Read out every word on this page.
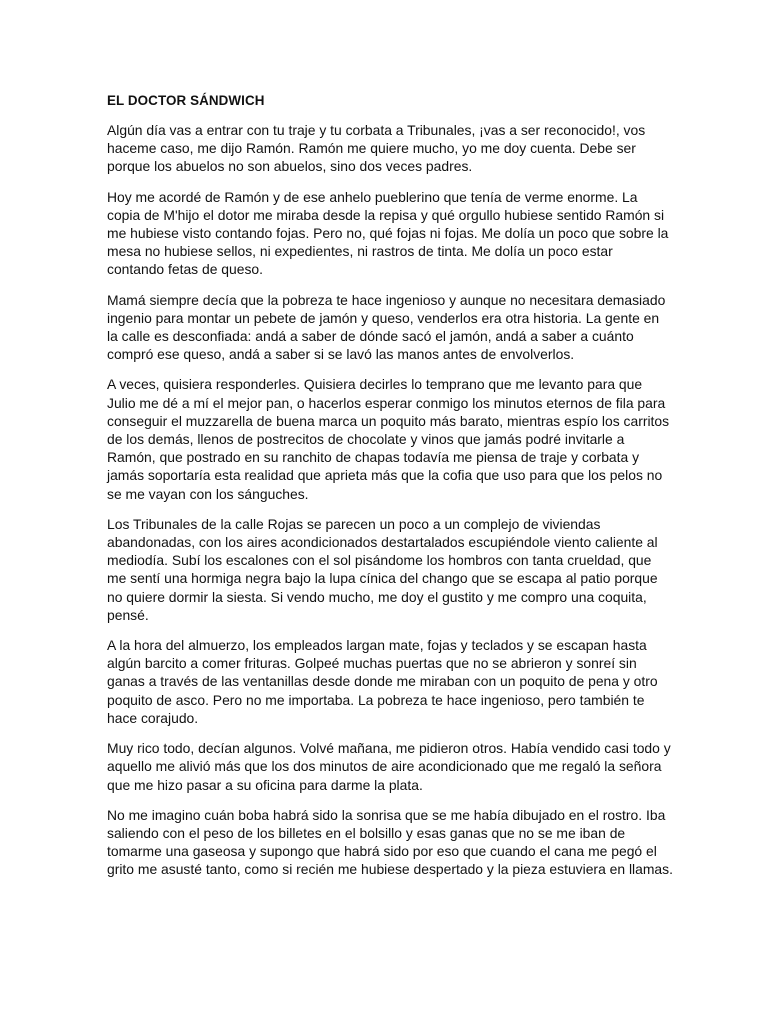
EL DOCTOR SÁNDWICH

Algún día vas a entrar con tu traje y tu corbata a Tribunales, ¡vas a ser reconocido!, vos haceme caso, me dijo Ramón. Ramón me quiere mucho, yo me doy cuenta. Debe ser porque los abuelos no son abuelos, sino dos veces padres.

Hoy me acordé de Ramón y de ese anhelo pueblerino que tenía de verme enorme. La copia de M'hijo el dotor me miraba desde la repisa y qué orgullo hubiese sentido Ramón si me hubiese visto contando fojas. Pero no, qué fojas ni fojas. Me dolía un poco que sobre la mesa no hubiese sellos, ni expedientes, ni rastros de tinta. Me dolía un poco estar contando fetas de queso.

Mamá siempre decía que la pobreza te hace ingenioso y aunque no necesitara demasiado ingenio para montar un pebete de jamón y queso, venderlos era otra historia. La gente en la calle es desconfiada: andá a saber de dónde sacó el jamón, andá a saber a cuánto compró ese queso, andá a saber si se lavó las manos antes de envolverlos.

A veces, quisiera responderles. Quisiera decirles lo temprano que me levanto para que Julio me dé a mí el mejor pan, o hacerlos esperar conmigo los minutos eternos de fila para conseguir el muzzarella de buena marca un poquito más barato, mientras espío los carritos de los demás, llenos de postrecitos de chocolate y vinos que jamás podré invitarle a Ramón, que postrado en su ranchito de chapas todavía me piensa de traje y corbata y jamás soportaría esta realidad que aprieta más que la cofia que uso para que los pelos no se me vayan con los sánguches.

Los Tribunales de la calle Rojas se parecen un poco a un complejo de viviendas abandonadas, con los aires acondicionados destartalados escupiéndole viento caliente al mediodía. Subí los escalones con el sol pisándome los hombros con tanta crueldad, que me sentí una hormiga negra bajo la lupa cínica del chango que se escapa al patio porque no quiere dormir la siesta. Si vendo mucho, me doy el gustito y me compro una coquita, pensé.

A la hora del almuerzo, los empleados largan mate, fojas y teclados y se escapan hasta algún barcito a comer frituras. Golpeé muchas puertas que no se abrieron y sonreí sin ganas a través de las ventanillas desde donde me miraban con un poquito de pena y otro poquito de asco. Pero no me importaba. La pobreza te hace ingenioso, pero también te hace corajudo.

Muy rico todo, decían algunos. Volvé mañana, me pidieron otros. Había vendido casi todo y aquello me alivió más que los dos minutos de aire acondicionado que me regaló la señora que me hizo pasar a su oficina para darme la plata.

No me imagino cuán boba habrá sido la sonrisa que se me había dibujado en el rostro. Iba saliendo con el peso de los billetes en el bolsillo y esas ganas que no se me iban de tomarme una gaseosa y supongo que habrá sido por eso que cuando el cana me pegó el grito me asusté tanto, como si recién me hubiese despertado y la pieza estuviera en llamas.
